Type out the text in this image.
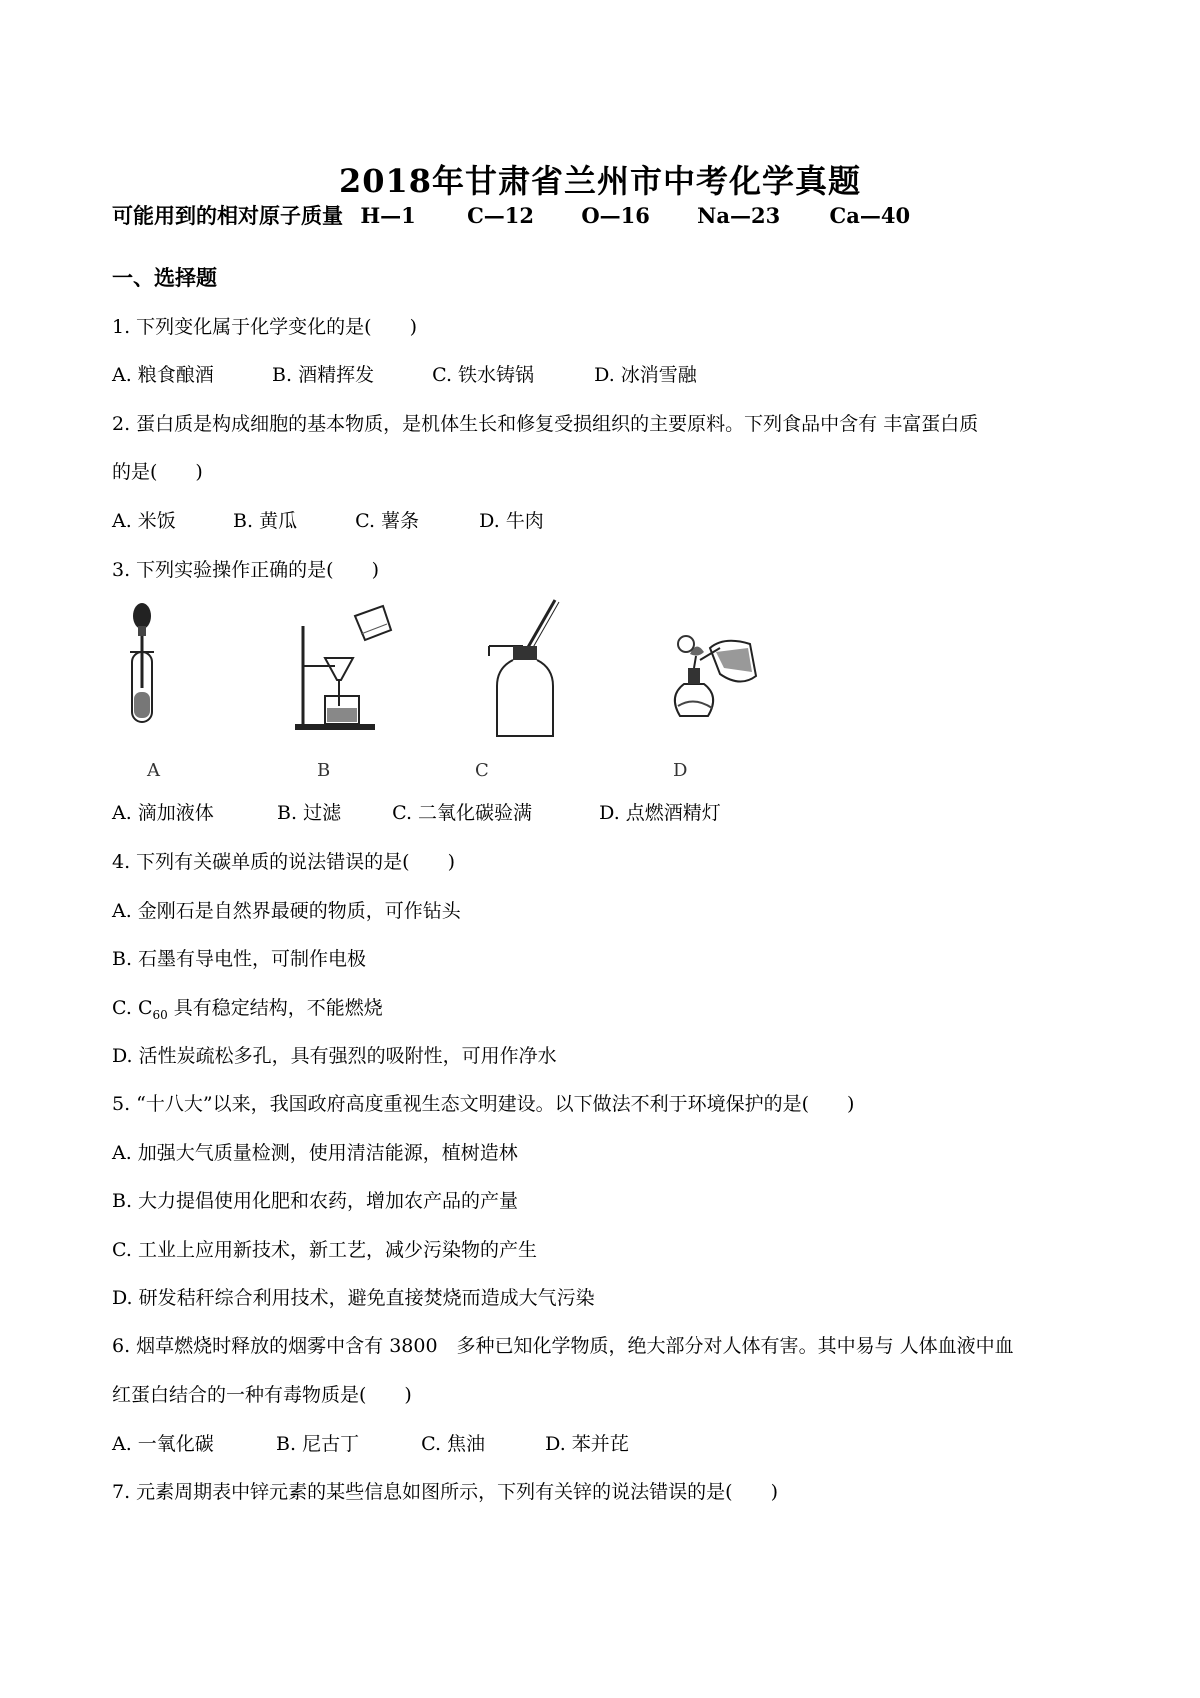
2018年甘肃省兰州市中考化学真题
可能用到的相对原子质量 H—1 C—12 O—16 Na—23 Ca—40
一、选择题
1. 下列变化属于化学变化的是(　　)
A. 粮食酿酒	B. 酒精挥发	C. 铁水铸锅	D. 冰消雪融
2. 蛋白质是构成细胞的基本物质，是机体生长和修复受损组织的主要原料。下列食品中含有 丰富蛋白质
的是(　　)
A. 米饭	B. 黄瓜	C. 薯条	D. 牛肉
3. 下列实验操作正确的是(　　)
A	B	C	D
A. 滴加液体	B. 过滤	C. 二氧化碳验满	D. 点燃酒精灯
4. 下列有关碳单质的说法错误的是(　　)
A. 金刚石是自然界最硬的物质，可作钻头
B. 石墨有导电性，可制作电极
C. $C_{60}$ 具有稳定结构，不能燃烧
D. 活性炭疏松多孔，具有强烈的吸附性，可用作净水
5. “十八大”以来，我国政府高度重视生态文明建设。以下做法不利于环境保护的是(　　)
A. 加强大气质量检测，使用清洁能源，植树造林
B. 大力提倡使用化肥和农药，增加农产品的产量
C. 工业上应用新技术，新工艺，减少污染物的产生
D. 研发秸秆综合利用技术，避免直接焚烧而造成大气污染
6. 烟草燃烧时释放的烟雾中含有 3800　多种已知化学物质，绝大部分对人体有害。其中易与 人体血液中血
红蛋白结合的一种有毒物质是(　　)
A. 一氧化碳	B. 尼古丁	C. 焦油	D. 苯并芘
7. 元素周期表中锌元素的某些信息如图所示，下列有关锌的说法错误的是(　　)
